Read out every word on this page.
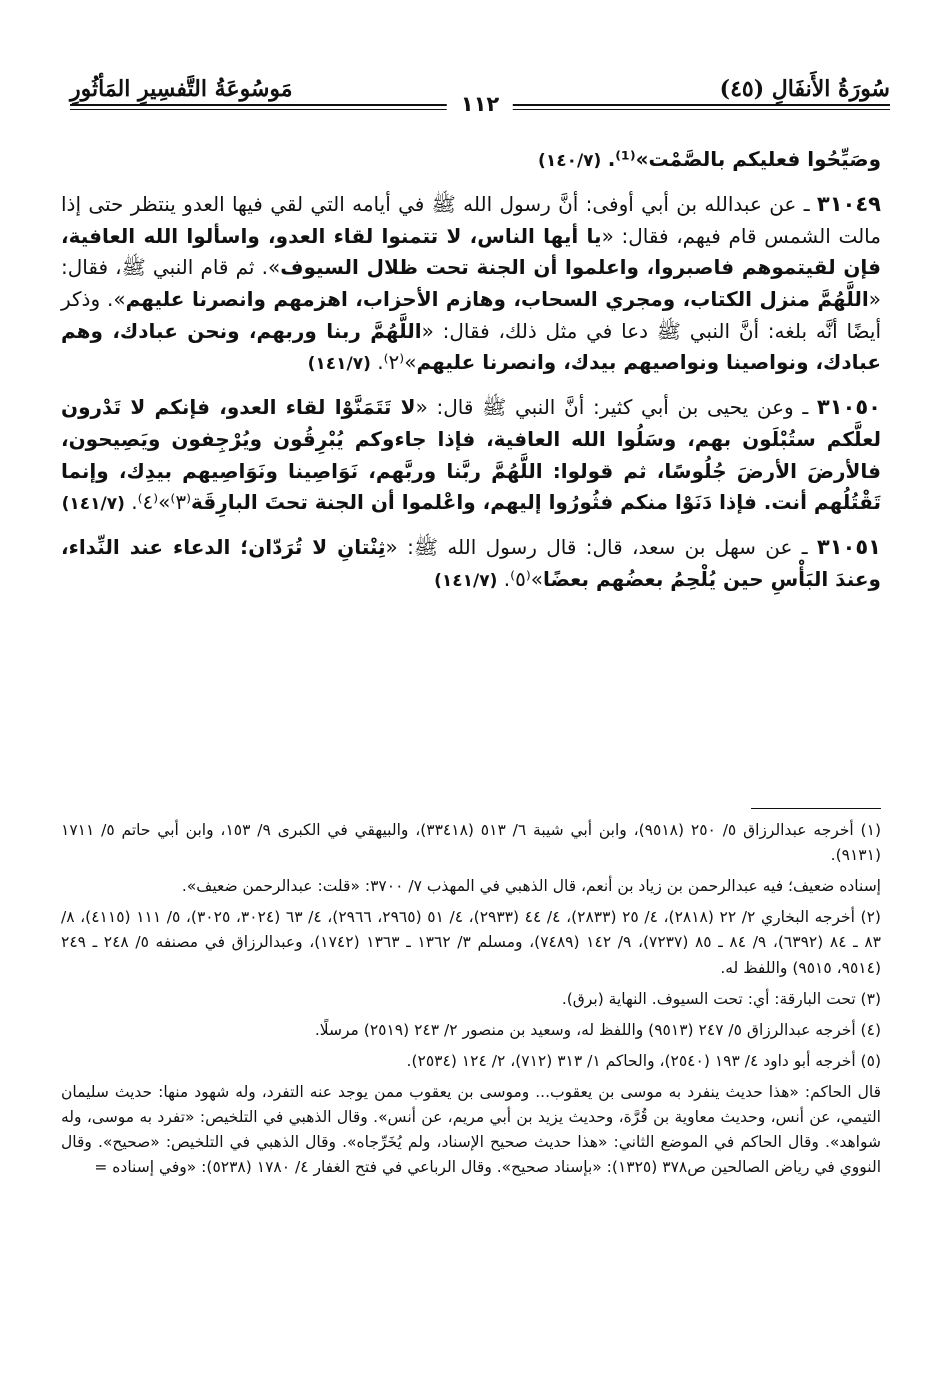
سُورَةُ الأَنفَالِ (٤٥)
مَوسُوعَةُ التَّفسِيرِ المَأثُورِ
١١٢

وصَيِّحُوا فعليكم بالصَّمْت»⁽¹⁾. (١٤٠/٧)

٣١٠٤٩ ـ عن عبدالله بن أبي أوفى: أنَّ رسول الله ﷺ في أيامه التي لقي فيها العدو ينتظر حتى إذا مالت الشمس قام فيهم، فقال: «يا أيها الناس، لا تتمنوا لقاء العدو، واسألوا الله العافية، فإن لقيتموهم فاصبروا، واعلموا أن الجنة تحت ظلال السيوف». ثم قام النبي ﷺ، فقال: «اللَّهُمَّ منزل الكتاب، ومجري السحاب، وهازم الأحزاب، اهزمهم وانصرنا عليهم». وذكر أيضًا أنَّه بلغه: أنَّ النبي ﷺ دعا في مثل ذلك، فقال: «اللَّهُمَّ ربنا وربهم، ونحن عبادك، وهم عبادك، ونواصينا ونواصيهم بيدك، وانصرنا عليهم»⁽٢⁾. (١٤١/٧)

٣١٠٥٠ ـ وعن يحيى بن أبي كثير: أنَّ النبي ﷺ قال: «لا تَتَمَنَّوْا لقاء العدو، فإنكم لا تَدْرون لعلَّكم ستُبْلَون بهم، وسَلُوا الله العافية، فإذا جاءوكم يُبْرِقُون ويُرْجِفون ويَصِيحون، فالأرضَ الأرضَ جُلُوسًا، ثم قولوا: اللَّهُمَّ ربَّنا وربَّهم، نَوَاصِينا ونَوَاصِيهم بيدِك، وإنما تَقْتُلُهم أنت. فإذا دَنَوْا منكم فثُورُوا إليهم، واعْلموا أن الجنة تحتَ البارِقَة⁽٣⁾»⁽٤⁾. (١٤١/٧)

٣١٠٥١ ـ عن سهل بن سعد، قال: قال رسول الله ﷺ: «ثِنْتانِ لا تُرَدّان؛ الدعاء عند النِّداء، وعندَ البَأْسِ حين يُلْحِمُ بعضُهم بعضًا»⁽٥⁾. (١٤١/٧)

(١) أخرجه عبدالرزاق ٥/ ٢٥٠ (٩٥١٨)، وابن أبي شيبة ٦/ ٥١٣ (٣٣٤١٨)، والبيهقي في الكبرى ٩/ ١٥٣، وابن أبي حاتم ٥/ ١٧١١ (٩١٣١).

إسناده ضعيف؛ فيه عبدالرحمن بن زياد بن أنعم، قال الذهبي في المهذب ٧/ ٣٧٠٠: «قلت: عبدالرحمن ضعيف».

(٢) أخرجه البخاري ٢/ ٢٢ (٢٨١٨)، ٤/ ٢٥ (٢٨٣٣)، ٤/ ٤٤ (٢٩٣٣)، ٤/ ٥١ (٢٩٦٥، ٢٩٦٦)، ٤/ ٦٣ (٣٠٢٤، ٣٠٢٥)، ٥/ ١١١ (٤١١٥)، ٨/ ٨٣ ـ ٨٤ (٦٣٩٢)، ٩/ ٨٤ ـ ٨٥ (٧٢٣٧)، ٩/ ١٤٢ (٧٤٨٩)، ومسلم ٣/ ١٣٦٢ ـ ١٣٦٣ (١٧٤٢)، وعبدالرزاق في مصنفه ٥/ ٢٤٨ ـ ٢٤٩ (٩٥١٤، ٩٥١٥) واللفظ له.

(٣) تحت البارقة: أي: تحت السيوف. النهاية (برق).

(٤) أخرجه عبدالرزاق ٥/ ٢٤٧ (٩٥١٣) واللفظ له، وسعيد بن منصور ٢/ ٢٤٣ (٢٥١٩) مرسلًا.

(٥) أخرجه أبو داود ٤/ ١٩٣ (٢٥٤٠)، والحاكم ١/ ٣١٣ (٧١٢)، ٢/ ١٢٤ (٢٥٣٤).

قال الحاكم: «هذا حديث ينفرد به موسى بن يعقوب... وموسى بن يعقوب ممن يوجد عنه التفرد، وله شهود منها: حديث سليمان التيمي، عن أنس، وحديث معاوية بن قُرَّة، وحديث يزيد بن أبي مريم، عن أنس». وقال الذهبي في التلخيص: «تفرد به موسى، وله شواهد». وقال الحاكم في الموضع الثاني: «هذا حديث صحيح الإسناد، ولم يُخَرِّجاه». وقال الذهبي في التلخيص: «صحيح». وقال النووي في رياض الصالحين ص٣٧٨ (١٣٢٥): «بإسناد صحيح». وقال الرباعي في فتح الغفار ٤/ ١٧٨٠ (٥٢٣٨): «وفي إسناده =
